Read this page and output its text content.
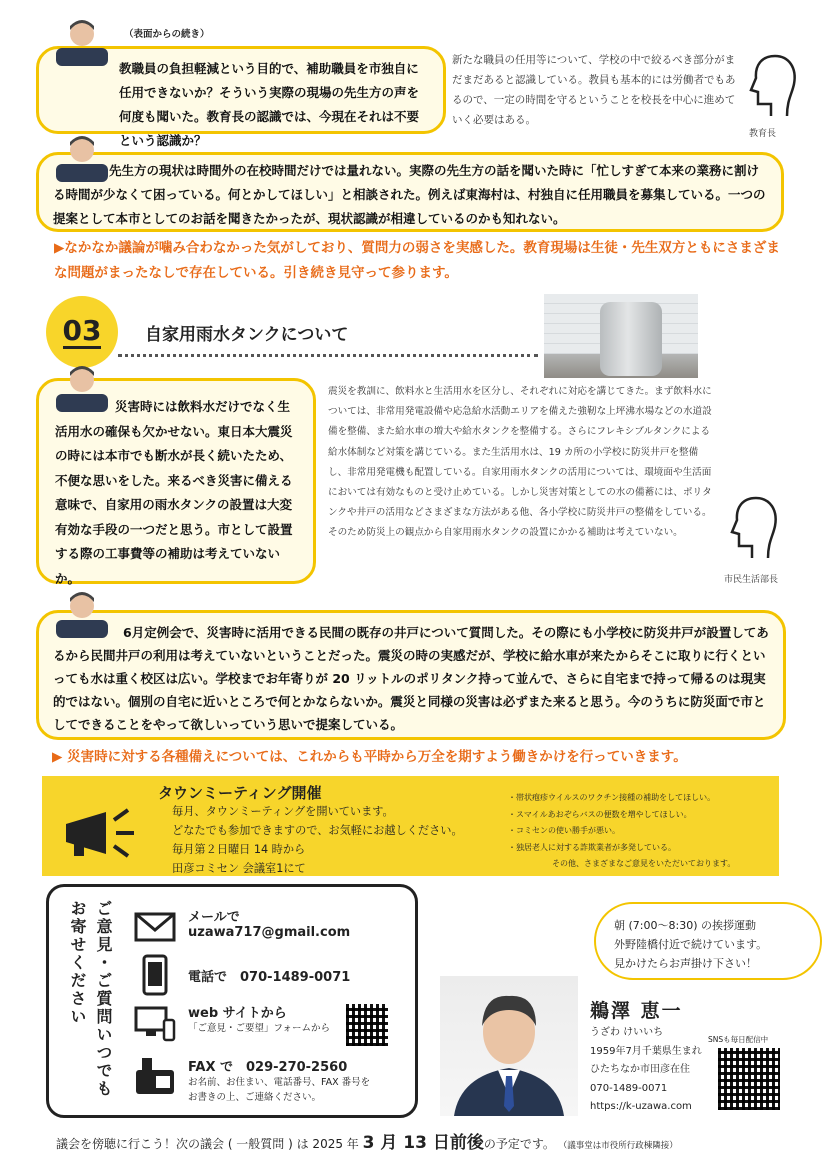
（表面からの続き）
教職員の負担軽減という目的で、補助職員を市独自に任用できないか？そういう実際の現場の先生方の声を何度も聞いた。教育長の認識では、今現在それは不要という認識か？
新たな職員の任用等について、学校の中で絞るべき部分がまだまだあると認識している。教員も基本的には労働者でもあるので、一定の時間を守るということを校長を中心に進めていく必要はある。
教育長
先生方の現状は時間外の在校時間だけでは量れない。実際の先生方の話を聞いた時に「忙しすぎて本来の業務に割ける時間が少なくて困っている。何とかしてほしい」と相談された。例えば東海村は、村独自に任用職員を募集している。一つの提案として本市としてのお話を聞きたかったが、現状認識が相違しているのかも知れない。
▶なかなか議論が噛み合わなかった気がしており、質問力の弱さを実感した。教育現場は生徒・先生双方ともにさまざまな問題がまったなしで存在している。引き続き見守って参ります。
03	自家用雨水タンクについて
災害時には飲料水だけでなく生活用水の確保も欠かせない。東日本大震災の時には本市でも断水が長く続いたため、不便な思いをした。来るべき災害に備える意味で、自家用の雨水タンクの設置は大変有効な手段の一つだと思う。市として設置する際の工事費等の補助は考えていないか。
震災を教訓に、飲料水と生活用水を区分し、それぞれに対応を講じてきた。まず飲料水については、非常用発電設備や応急給水活動エリアを備えた強靭な上坪沸水場などの水道設備を整備、また給水車の増大や給水タンクを整備する。さらにフレキシブルタンクによる給水体制など対策を講じている。また生活用水は、19 カ所の小学校に防災井戸を整備し、非常用発電機も配置している。自家用雨水タンクの活用については、環境面や生活面においては有効なものと受け止めている。しかし災害対策としての水の備蓄には、ポリタンクや井戸の活用などさまざまな方法がある他、各小学校に防災井戸の整備をしている。そのため防災上の観点から自家用雨水タンクの設置にかかる補助は考えていない。
市民生活部長
6月定例会で、災害時に活用できる民間の既存の井戸について質問した。その際にも小学校に防災井戸が設置してあるから民間井戸の利用は考えていないということだった。震災の時の実感だが、学校に給水車が来たからそこに取りに行くといっても水は重く校区は広い。学校までお年寄りが 20 リットルのポリタンク持って並んで、さらに自宅まで持って帰るのは現実的ではない。個別の自宅に近いところで何とかならないか。震災と同様の災害は必ずまた来ると思う。今のうちに防災面で市としてできることをやって欲しいっていう思いで提案している。
▶ 災害時に対する各種備えについては、これからも平時から万全を期すよう働きかけを行っていきます。
タウンミーティング開催
毎月、タウンミーティングを開いています。
どなたでも参加できますので、お気軽にお越しください。
毎月第２日曜日 14 時から
田彦コミセン 会議室1にて
・帯状疱疹ウイルスのワクチン接種の補助をしてほしい。
・スマイルあおぞらバスの便数を増やしてほしい。
・コミセンの使い勝手が悪い。
・独居老人に対する詐欺業者が多発している。
その他、さまざまなご意見をいただいております。
ご意見・ご質問いつでも
お寄せください	メールで
uzawa717@gmail.com
電話で　070-1489-0071
web サイトから
「ご意見・ご要望」フォームから
FAX で　029-270-2560
お名前、お住まい、電話番号、FAX 番号を
お書きの上、ご連絡ください。
朝 (7:00〜8:30) の挨拶運動
外野陸橋付近で続けています。
見かけたらお声掛け下さい！
鵜澤 恵一
うざわ けいいち
1959年7月千葉県生まれ
ひたちなか市田彦在住
070-1489-0071
https://k-uzawa.com
SNSも毎日配信中
議会を傍聴に行こう！次の議会 ( 一般質問 ) は 2025 年 3 月 13 日前後の予定です。 （議事堂は市役所行政棟隣接）
